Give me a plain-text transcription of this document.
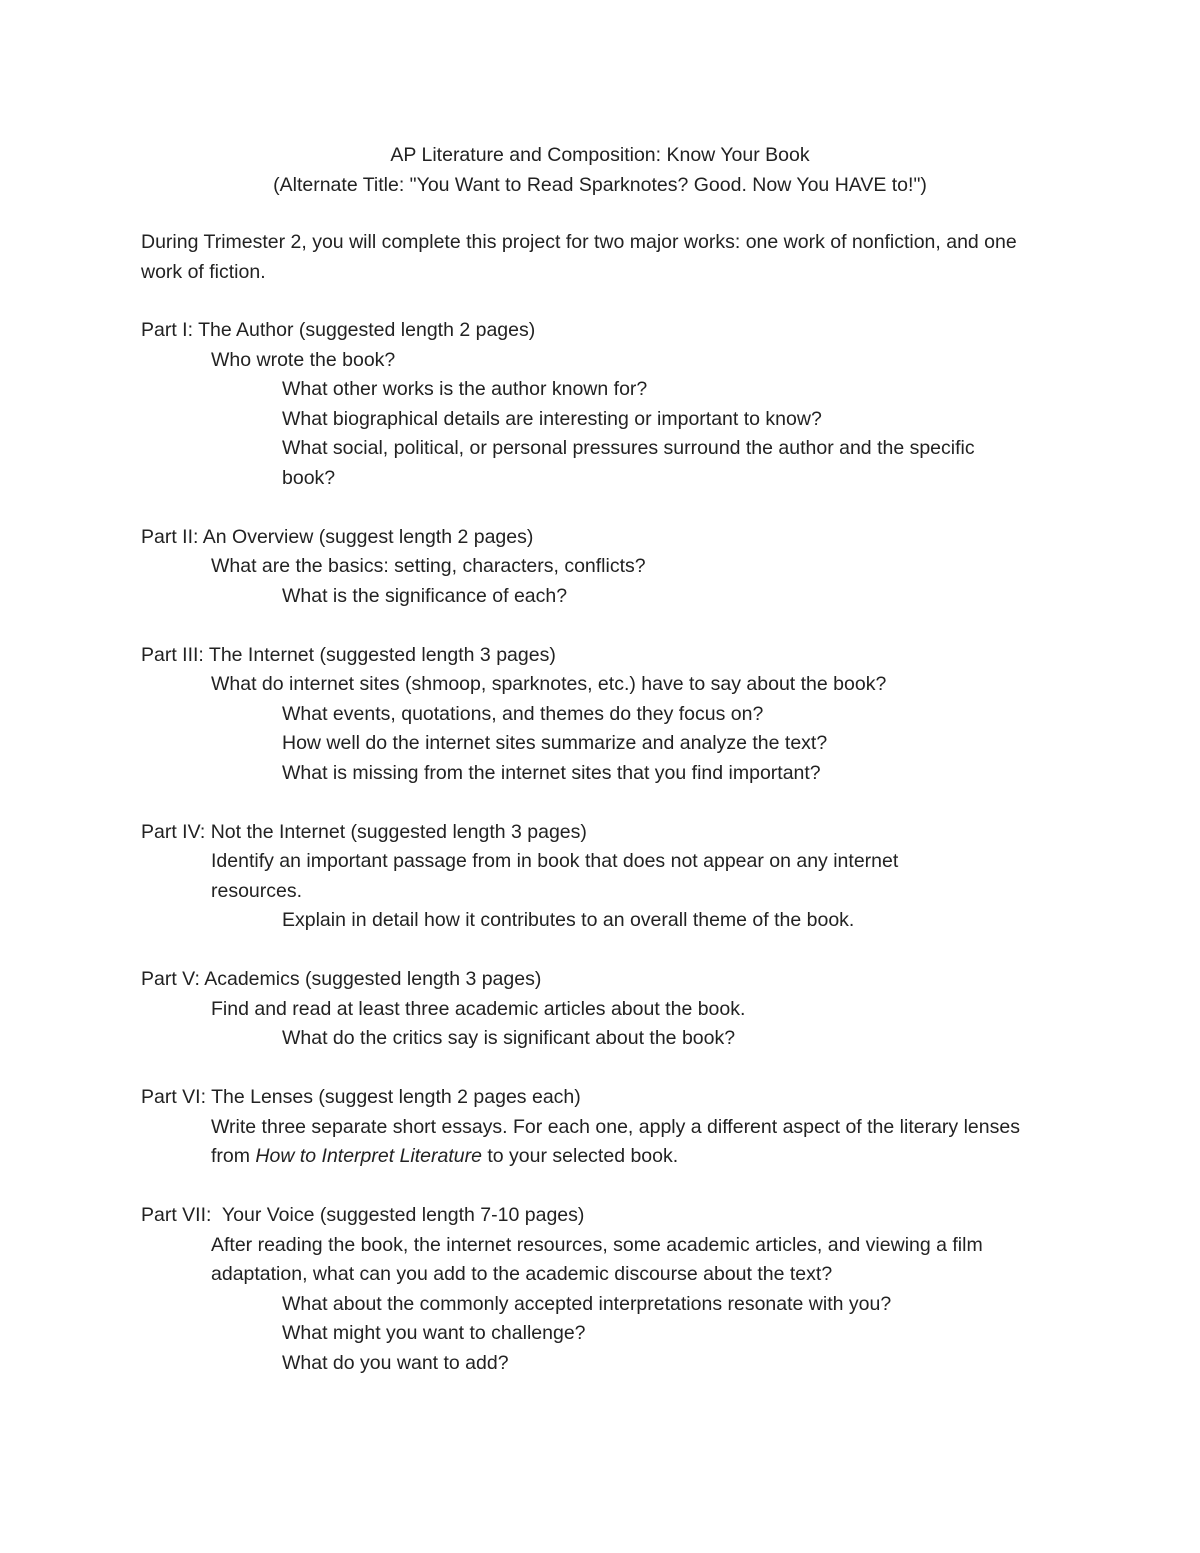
AP Literature and Composition: Know Your Book
(Alternate Title: "You Want to Read Sparknotes? Good. Now You HAVE to!")

During Trimester 2, you will complete this project for two major works: one work of nonfiction, and one work of fiction.

Part I: The Author (suggested length 2 pages)
Who wrote the book?
What other works is the author known for?
What biographical details are interesting or important to know?
What social, political, or personal pressures surround the author and the specific book?
Part II: An Overview (suggest length 2 pages)
What are the basics: setting, characters, conflicts?
What is the significance of each?
Part III: The Internet (suggested length 3 pages)
What do internet sites (shmoop, sparknotes, etc.) have to say about the book?
What events, quotations, and themes do they focus on?
How well do the internet sites summarize and analyze the text?
What is missing from the internet sites that you find important?
Part IV: Not the Internet (suggested length 3 pages)
Identify an important passage from in book that does not appear on any internet resources.
Explain in detail how it contributes to an overall theme of the book.
Part V: Academics (suggested length 3 pages)
Find and read at least three academic articles about the book.
What do the critics say is significant about the book?
Part VI: The Lenses (suggest length 2 pages each)
Write three separate short essays. For each one, apply a different aspect of the literary lenses from How to Interpret Literature to your selected book.
Part VII:  Your Voice (suggested length 7-10 pages)
After reading the book, the internet resources, some academic articles, and viewing a film adaptation, what can you add to the academic discourse about the text?
What about the commonly accepted interpretations resonate with you?
What might you want to challenge?
What do you want to add?
